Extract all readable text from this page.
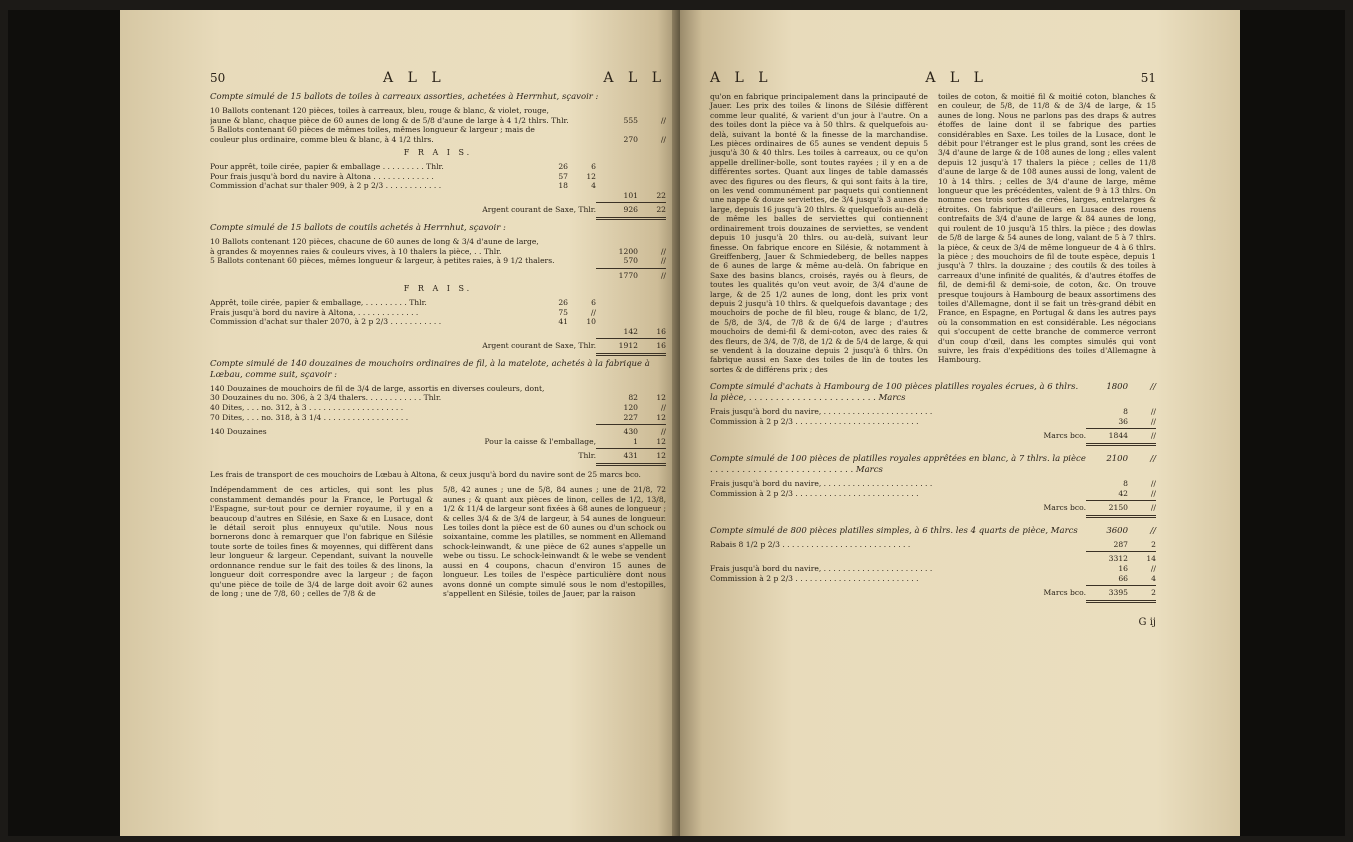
50	A L L	A L L
Compte simulé de 15 ballots de toiles à carreaux assorties, achetées à Herrnhut, sçavoir :
10 Ballots contenant 120 pièces, toiles à carreaux, bleu, rouge & blanc, & violet, rouge,
jaune & blanc, chaque pièce de 60 aunes de long & de 5/8 d'aune de large à 4 1/2 thlrs. Thlr.	555	//
5 Ballots contenant 60 pièces de mêmes toiles, mêmes longueur & largeur ; mais de
couleur plus ordinaire, comme bleu & blanc, à 4 1/2 thlrs.	270	//
F R A I S.
Pour apprêt, toile cirée, papier & emballage . . . . . . . . . Thlr.	26	6
Pour frais jusqu'à bord du navire à Altona . . . . . . . . . . . . .	57	12
Commission d'achat sur thaler 909, à 2 p 2/3 . . . . . . . . . . . .	18	4
101	22
Argent courant de Saxe, Thlr.	926	22
Compte simulé de 15 ballots de coutils achetés à Herrnhut, sçavoir :
10 Ballots contenant 120 pièces, chacune de 60 aunes de long & 3/4 d'aune de large,
à grandes & moyennes raies & couleurs vives, à 10 thalers la pièce, . . Thlr.	1200	//
5 Ballots contenant 60 pièces, mêmes longueur & largeur, à petites raies, à 9 1/2 thalers.	570	//
1770	//
F R A I S.
Apprêt, toile cirée, papier & emballage, . . . . . . . . . Thlr.	26	6
Frais jusqu'à bord du navire à Altona, . . . . . . . . . . . . .	75	//
Commission d'achat sur thaler 2070, à 2 p 2/3 . . . . . . . . . . .	41	10
142	16
Argent courant de Saxe, Thlr.	1912	16
Compte simulé de 140 douzaines de mouchoirs ordinaires de fil, à la matelote, achetés à la fabrique à Lœbau, comme suit, sçavoir :
140 Douzaines de mouchoirs de fil de 3/4 de large, assortis en diverses couleurs, dont,
30 Douzaines du no. 306, à 2 3/4 thalers. . . . . . . . . . . . Thlr.	82	12
40 Dites, . . . no. 312, à 3 . . . . . . . . . . . . . . . . . . . .	120	//
70 Dites, . . . no. 318, à 3 1/4 . . . . . . . . . . . . . . . . . .	227	12
140 Douzaines	430	//
Pour la caisse & l'emballage,	1	12
Thlr.	431	12
Les frais de transport de ces mouchoirs de Lœbau à Altona, & ceux jusqu'à bord du navire sont de 25 marcs bco.
Indépendamment de ces articles, qui sont les plus constamment demandés pour la France, le Portugal & l'Espagne, sur-tout pour ce dernier royaume, il y en a beaucoup d'autres en Silésie, en Saxe & en Lusace, dont le détail seroit plus ennuyeux qu'utile. Nous nous bornerons donc à remarquer que l'on fabrique en Silésie toute sorte de toiles fines & moyennes, qui diffèrent dans leur longueur & largeur. Cependant, suivant la nouvelle ordonnance rendue sur le fait des toiles & des linons, la longueur doit correspondre avec la largeur ; de façon qu'une pièce de toile de 3/4 de large doit avoir 62 aunes de long ; une de 7/8, 60 ; celles de 7/8 & de
5/8, 42 aunes ; une de 5/8, 84 aunes ; une de 21/8, 72 aunes ; & quant aux pièces de linon, celles de 1/2, 13/8, 1/2 & 11/4 de largeur sont fixées à 68 aunes de longueur ; & celles 3/4 & de 3/4 de largeur, à 54 aunes de longueur. Les toiles dont la pièce est de 60 aunes ou d'un schock ou soixantaine, comme les platilles, se nomment en Allemand schock-leinwandt, & une pièce de 62 aunes s'appelle un webe ou tissu. Le schock-leinwandt & le webe se vendent aussi en 4 coupons, chacun d'environ 15 aunes de longueur. Les toiles de l'espèce particulière dont nous avons donné un compte simulé sous le nom d'estopilles, s'appellent en Silésie, toiles de Jauer, par la raison
A L L	A L L	51
qu'on en fabrique principalement dans la principauté de Jauer. Les prix des toiles & linons de Silésie diffèrent comme leur qualité, & varient d'un jour à l'autre. On a des toiles dont la pièce va à 50 thlrs. & quelquefois au-delà, suivant la bonté & la finesse de la marchandise. Les pièces ordinaires de 65 aunes se vendent depuis 5 jusqu'à 30 & 40 thlrs. Les toiles à carreaux, ou ce qu'on appelle drelliner-bolle, sont toutes rayées ; il y en a de différentes sortes. Quant aux linges de table damassés avec des figures ou des fleurs, & qui sont faits à la tire, on les vend communément par paquets qui contiennent une nappe & douze serviettes, de 3/4 jusqu'à 3 aunes de large, depuis 16 jusqu'à 20 thlrs. & quelquefois au-delà ; de même les balles de serviettes qui contiennent ordinairement trois douzaines de serviettes, se vendent depuis 10 jusqu'à 20 thlrs. ou au-delà, suivant leur finesse. On fabrique encore en Silésie, & notamment à Greiffenberg, Jauer & Schmiedeberg, de belles nappes de 6 aunes de large & même au-delà. On fabrique en Saxe des basins blancs, croisés, rayés ou à fleurs, de toutes les qualités qu'on veut avoir, de 3/4 d'aune de large, & de 25 1/2 aunes de long, dont les prix vont depuis 2 jusqu'à 10 thlrs. & quelquefois davantage ; des mouchoirs de poche de fil bleu, rouge & blanc, de 1/2, de 5/8, de 3/4, de 7/8 & de 6/4 de large ; d'autres mouchoirs de demi-fil & demi-coton, avec des raies & des fleurs, de 3/4, de 7/8, de 1/2 & de 5/4 de large, & qui se vendent à la douzaine depuis 2 jusqu'à 6 thlrs. On fabrique aussi en Saxe des toiles de lin de toutes les sortes & de différens prix ; des
toiles de coton, & moitié fil & moitié coton, blanches & en couleur, de 5/8, de 11/8 & de 3/4 de large, & 15 aunes de long. Nous ne parlons pas des draps & autres étoffes de laine dont il se fabrique des parties considérables en Saxe. Les toiles de la Lusace, dont le débit pour l'étranger est le plus grand, sont les crées de 3/4 d'aune de large & de 108 aunes de long ; elles valent depuis 12 jusqu'à 17 thalers la pièce ; celles de 11/8 d'aune de large & de 108 aunes aussi de long, valent de 10 à 14 thlrs. ; celles de 3/4 d'aune de large, même longueur que les précédentes, valent de 9 à 13 thlrs. On nomme ces trois sortes de crées, larges, entrelarges & étroites. On fabrique d'ailleurs en Lusace des rouens contrefaits de 3/4 d'aune de large & 84 aunes de long, qui roulent de 10 jusqu'à 15 thlrs. la pièce ; des dowlas de 5/8 de large & 54 aunes de long, valant de 5 à 7 thlrs. la pièce, & ceux de 3/4 de même longueur de 4 à 6 thlrs. la pièce ; des mouchoirs de fil de toute espèce, depuis 1 jusqu'à 7 thlrs. la douzaine ; des coutils & des toiles à carreaux d'une infinité de qualités, & d'autres étoffes de fil, de demi-fil & demi-soie, de coton, &c. On trouve presque toujours à Hambourg de beaux assortimens des toiles d'Allemagne, dont il se fait un très-grand débit en France, en Espagne, en Portugal & dans les autres pays où la consommation en est considérable. Les négocians qui s'occupent de cette branche de commerce verront d'un coup d'œil, dans les comptes simulés qui vont suivre, les frais d'expéditions des toiles d'Allemagne à Hambourg.
Compte simulé d'achats à Hambourg de 100 pièces platilles royales écrues, à 6 thlrs. la pièce, . . . . . . . . . . . . . . . . . . . . . . . . Marcs
1800	//
Frais jusqu'à bord du navire, . . . . . . . . . . . . . . . . . . . . . . .	8	//
Commission à 2 p 2/3 . . . . . . . . . . . . . . . . . . . . . . . . . .	36	//
Marcs bco.	1844	//
Compte simulé de 100 pièces de platilles royales apprêtées en blanc, à 7 thlrs. la pièce . . . . . . . . . . . . . . . . . . . . . . . . . . . Marcs
2100	//
Frais jusqu'à bord du navire, . . . . . . . . . . . . . . . . . . . . . . .	8	//
Commission à 2 p 2/3 . . . . . . . . . . . . . . . . . . . . . . . . . .	42	//
Marcs bco.	2150	//
Compte simulé de 800 pièces platilles simples, à 6 thlrs. les 4 quarts de pièce, Marcs	3600	//
Rabais 8 1/2 p 2/3 . . . . . . . . . . . . . . . . . . . . . . . . . . .	287	2
3312	14
Frais jusqu'à bord du navire, . . . . . . . . . . . . . . . . . . . . . . .	16	//
Commission à 2 p 2/3 . . . . . . . . . . . . . . . . . . . . . . . . . .	66	4
Marcs bco.	3395	2
G ij
